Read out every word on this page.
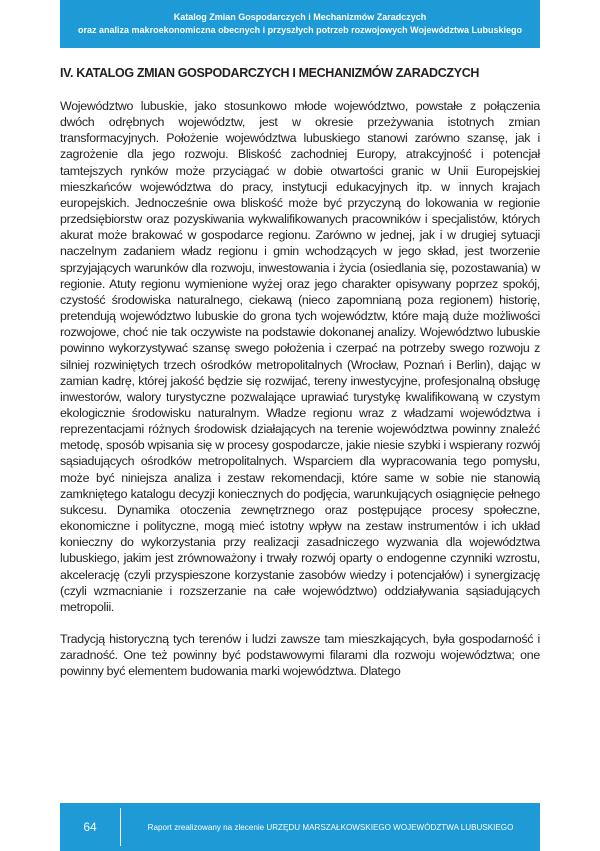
Katalog Zmian Gospodarczych i Mechanizmów Zaradczych
oraz analiza makroekonomiczna obecnych i przyszłych potrzeb rozwojowych Województwa Lubuskiego
IV. KATALOG ZMIAN GOSPODARCZYCH I MECHANIZMÓW ZARADCZYCH

Województwo lubuskie, jako stosunkowo młode województwo, powstałe z połączenia dwóch odrębnych województw, jest w okresie przeżywania istotnych zmian transformacyjnych. Położenie województwa lubuskiego stanowi zarówno szansę, jak i zagrożenie dla jego rozwoju. Bliskość zachodniej Europy, atrakcyjność i potencjał tamtejszych rynków może przyciągać w dobie otwartości granic w Unii Europejskiej mieszkańców województwa do pracy, instytucji edukacyjnych itp. w innych krajach europejskich. Jednocześnie owa bliskość może być przyczyną do lokowania w regionie przedsiębiorstw oraz pozyskiwania wykwalifikowanych pracowników i specjalistów, których akurat może brakować w gospodarce regionu. Zarówno w jednej, jak i w drugiej sytuacji naczelnym zadaniem władz regionu i gmin wchodzących w jego skład, jest tworzenie sprzyjających warunków dla rozwoju, inwestowania i życia (osiedlania się, pozostawania) w regionie. Atuty regionu wymienione wyżej oraz jego charakter opisywany poprzez spokój, czystość środowiska naturalnego, ciekawą (nieco zapomnianą poza regionem) historię, pretendują województwo lubuskie do grona tych województw, które mają duże możliwości rozwojowe, choć nie tak oczywiste na podstawie dokonanej analizy. Województwo lubuskie powinno wykorzystywać szansę swego położenia i czerpać na potrzeby swego rozwoju z silniej rozwiniętych trzech ośrodków metropolitalnych (Wrocław, Poznań i Berlin), dając w zamian kadrę, której jakość będzie się rozwijać, tereny inwestycyjne, profesjonalną obsługę inwestorów, walory turystyczne pozwalające uprawiać turystykę kwalifikowaną w czystym ekologicznie środowisku naturalnym. Władze regionu wraz z władzami województwa i reprezentacjami różnych środowisk działających na terenie województwa powinny znaleźć metodę, sposób wpisania się w procesy gospodarcze, jakie niesie szybki i wspierany rozwój sąsiadujących ośrodków metropolitalnych. Wsparciem dla wypracowania tego pomysłu, może być niniejsza analiza i zestaw rekomendacji, które same w sobie nie stanowią zamkniętego katalogu decyzji koniecznych do podjęcia, warunkujących osiągnięcie pełnego sukcesu. Dynamika otoczenia zewnętrznego oraz postępujące procesy społeczne, ekonomiczne i polityczne, mogą mieć istotny wpływ na zestaw instrumentów i ich układ konieczny do wykorzystania przy realizacji zasadniczego wyzwania dla województwa lubuskiego, jakim jest zrównoważony i trwały rozwój oparty o endogenne czynniki wzrostu, akcelerację (czyli przyspieszone korzystanie zasobów wiedzy i potencjałów) i synergizację (czyli wzmacnianie i rozszerzanie na całe województwo) oddziaływania sąsiadujących metropolii.

Tradycją historyczną tych terenów i ludzi zawsze tam mieszkających, była gospodarność i zaradność. One też powinny być podstawowymi filarami dla rozwoju województwa; one powinny być elementem budowania marki województwa. Dlatego

64	Raport zrealizowany na zlecenie URZĘDU MARSZAŁKOWSKIEGO WOJEWÓDZTWA LUBUSKIEGO
